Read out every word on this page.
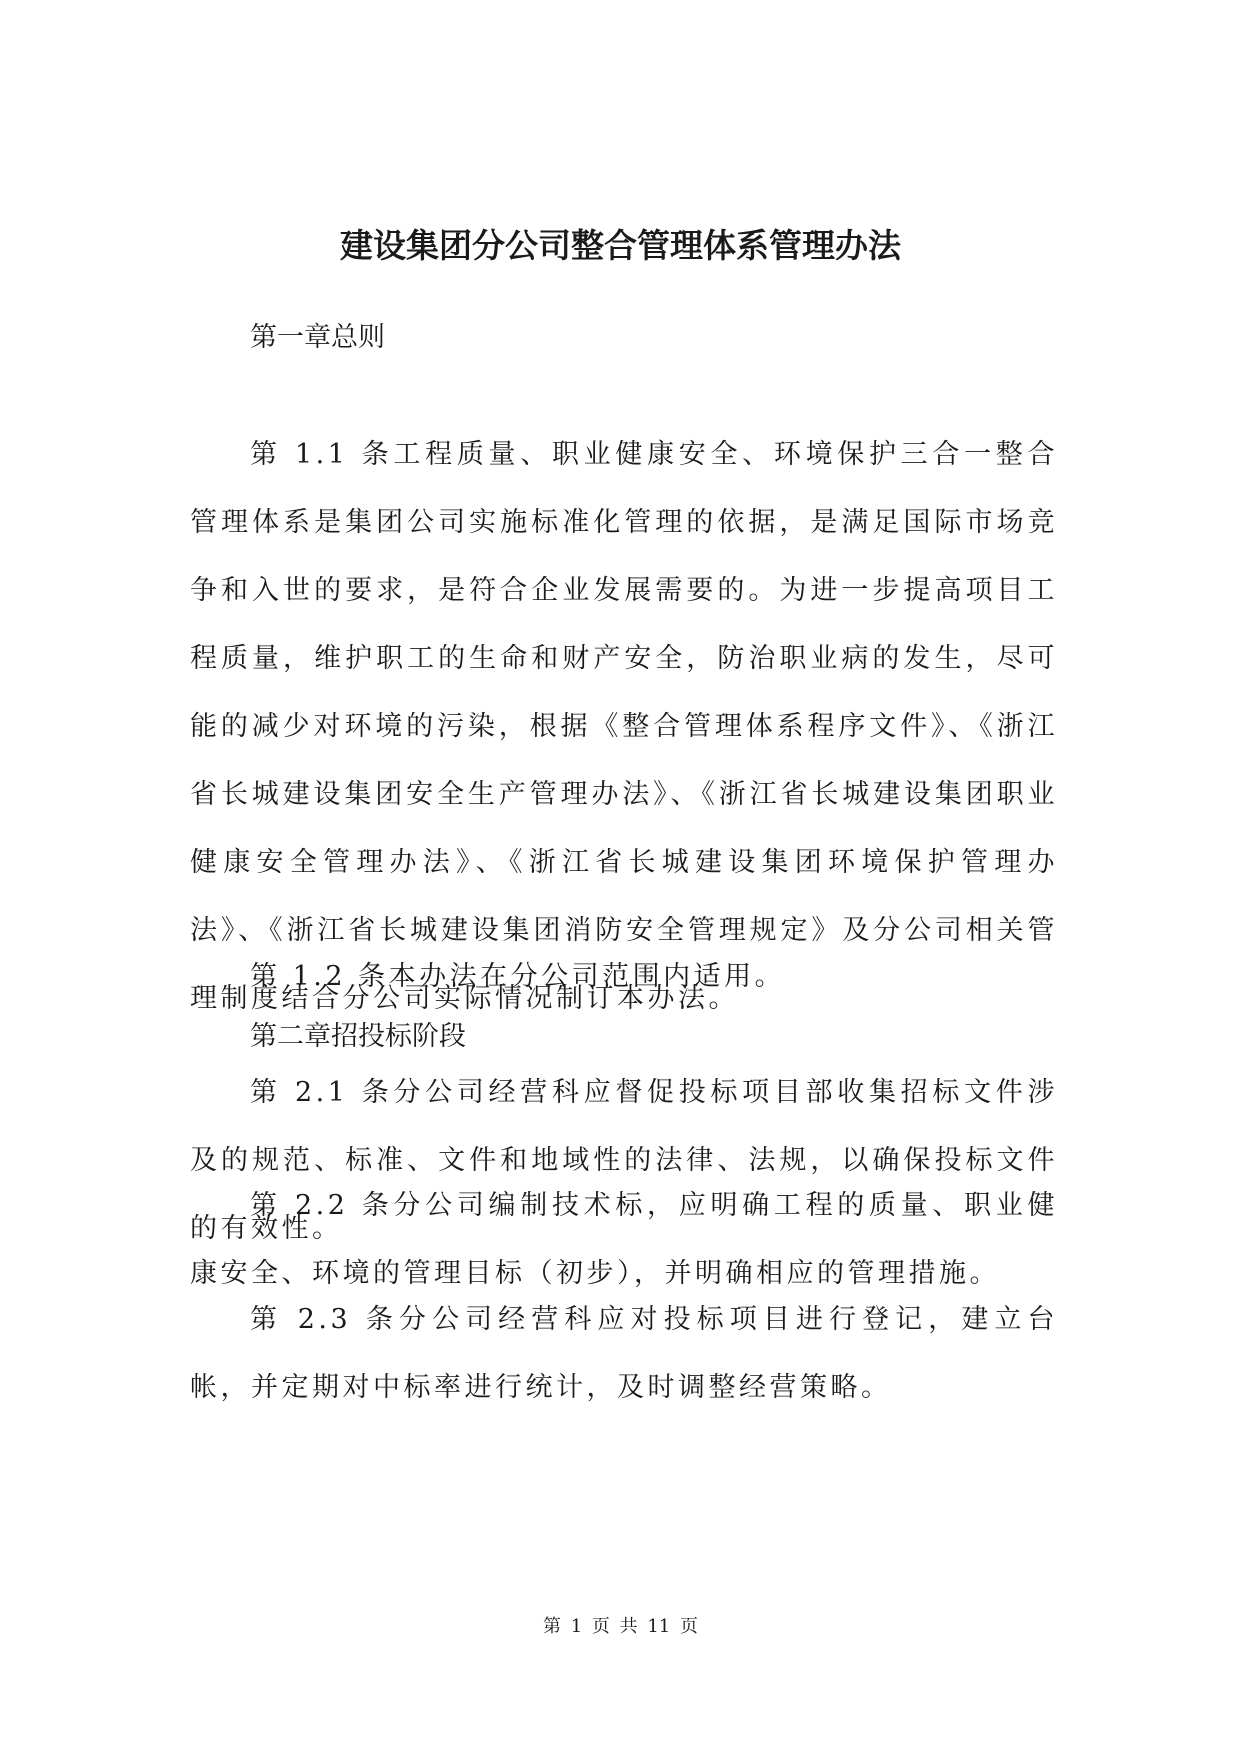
建设集团分公司整合管理体系管理办法

第一章总则

第 1.1 条工程质量、职业健康安全、环境保护三合一整合管理体系是集团公司实施标准化管理的依据，是满足国际市场竞争和入世的要求，是符合企业发展需要的。为进一步提高项目工程质量，维护职工的生命和财产安全，防治职业病的发生，尽可能的减少对环境的污染，根据《整合管理体系程序文件》、《浙江省长城建设集团安全生产管理办法》、《浙江省长城建设集团职业健康安全管理办法》、《浙江省长城建设集团环境保护管理办法》、《浙江省长城建设集团消防安全管理规定》及分公司相关管理制度结合分公司实际情况制订本办法。

第 1.2 条本办法在分公司范围内适用。

第二章招投标阶段

第 2.1 条分公司经营科应督促投标项目部收集招标文件涉及的规范、标准、文件和地域性的法律、法规，以确保投标文件的有效性。

第 2.2 条分公司编制技术标，应明确工程的质量、职业健康安全、环境的管理目标（初步），并明确相应的管理措施。

第 2.3 条分公司经营科应对投标项目进行登记，建立台帐，并定期对中标率进行统计，及时调整经营策略。

第 1 页 共 11 页
